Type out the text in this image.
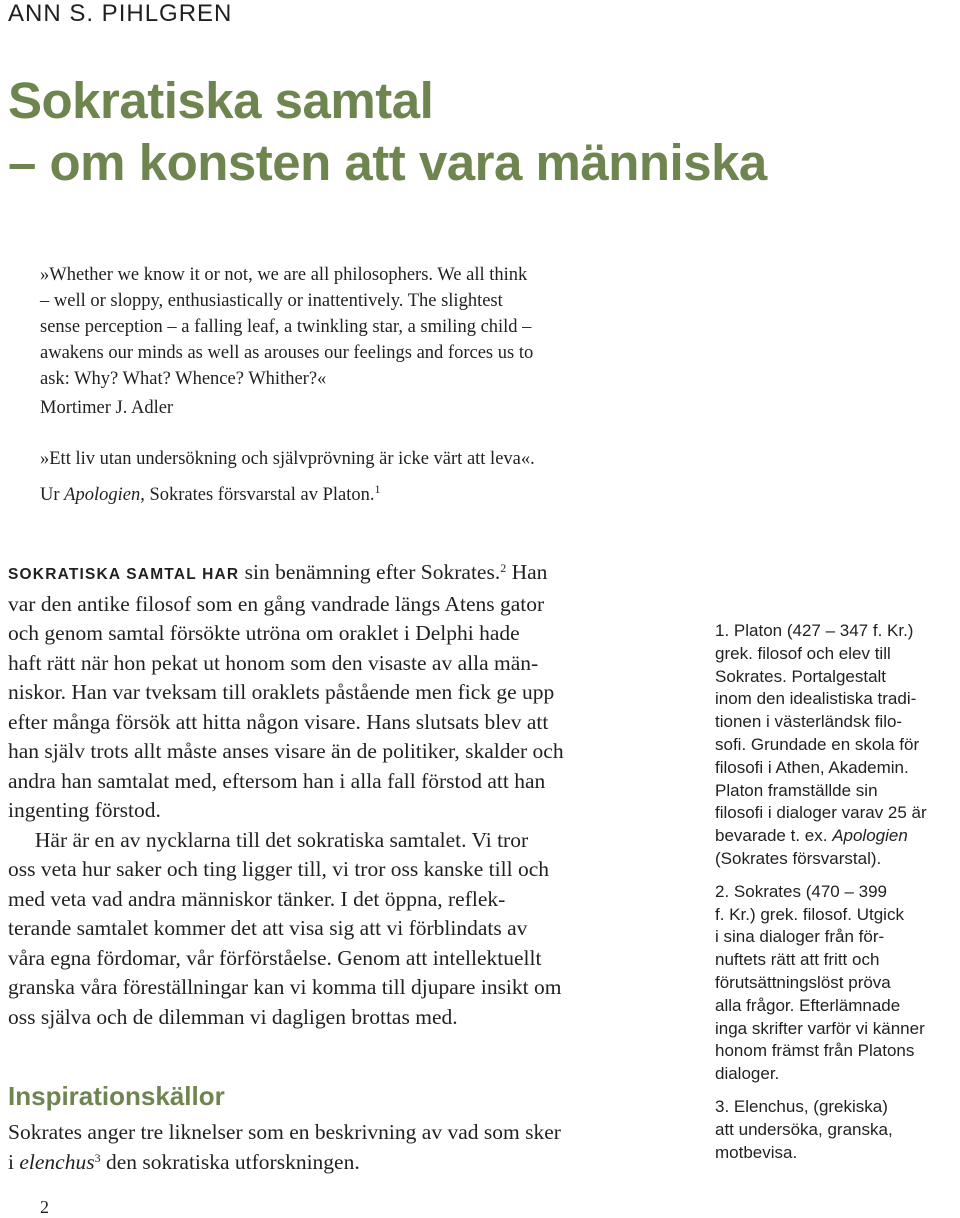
ANN S. PIHLGREN
Sokratiska samtal
– om konsten att vara människa
»Whether we know it or not, we are all philosophers. We all think
– well or sloppy, enthusiastically or inattentively. The slightest
sense perception – a falling leaf, a twinkling star, a smiling child –
awakens our minds as well as arouses our feelings and forces us to
ask: Why? What? Whence? Whither?«
Mortimer J. Adler
»Ett liv utan undersökning och självprövning är icke värt att leva«.
Ur Apologien, Sokrates försvarstal av Platon.$^1$
SOKRATISKA SAMTAL HAR sin benämning efter Sokrates.$^2$ Han
var den antike filosof som en gång vandrade längs Atens gator
och genom samtal försökte utröna om oraklet i Delphi hade
haft rätt när hon pekat ut honom som den visaste av alla män-
niskor. Han var tveksam till oraklets påstående men fick ge upp
efter många försök att hitta någon visare. Hans slutsats blev att
han själv trots allt måste anses visare än de politiker, skalder och
andra han samtalat med, eftersom han i alla fall förstod att han
ingenting förstod.
  Här är en av nycklarna till det sokratiska samtalet. Vi tror
oss veta hur saker och ting ligger till, vi tror oss kanske till och
med veta vad andra människor tänker. I det öppna, reflek-
terande samtalet kommer det att visa sig att vi förblindats av
våra egna fördomar, vår förförståelse. Genom att intellektuellt
granska våra föreställningar kan vi komma till djupare insikt om
oss själva och de dilemman vi dagligen brottas med.
Inspirationskällor
Sokrates anger tre liknelser som en beskrivning av vad som sker
i elenchus$^3$ den sokratiska utforskningen.
1. Platon (427 – 347 f. Kr.)
grek. filosof och elev till
Sokrates. Portalgestalt
inom den idealistiska tradi-
tionen i västerländsk filo-
sofi. Grundade en skola för
filosofi i Athen, Akademin.
Platon framställde sin
filosofi i dialoger varav 25 är
bevarade t. ex. Apologien
(Sokrates försvarstal).
2. Sokrates (470 – 399
f. Kr.) grek. filosof. Utgick
i sina dialoger från för-
nuftets rätt att fritt och
förutsättningslöst pröva
alla frågor. Efterlämnade
inga skrifter varför vi känner
honom främst från Platons
dialoger.
3. Elenchus, (grekiska)
att undersöka, granska,
motbevisa.
2
